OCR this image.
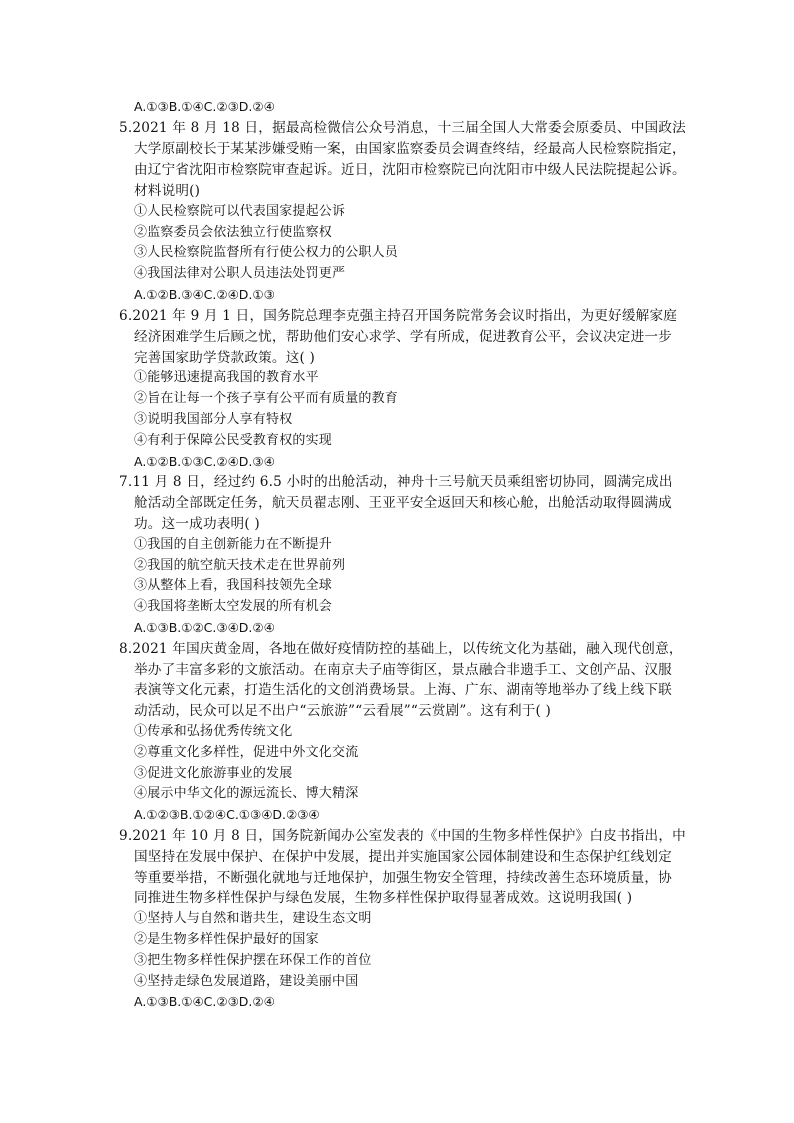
A.①③B.①④C.②③D.②④
5.2021 年 8 月 18 日，据最高检微信公众号消息，十三届全国人大常委会原委员、中国政法
大学原副校长于某某涉嫌受贿一案，由国家监察委员会调查终结，经最高人民检察院指定，
由辽宁省沈阳市检察院审查起诉。近日，沈阳市检察院已向沈阳市中级人民法院提起公诉。
材料说明()
①人民检察院可以代表国家提起公诉
②监察委员会依法独立行使监察权
③人民检察院监督所有行使公权力的公职人员
④我国法律对公职人员违法处罚更严
A.①②B.③④C.②④D.①③
6.2021 年 9 月 1 日，国务院总理李克强主持召开国务院常务会议时指出，为更好缓解家庭
经济困难学生后顾之忧，帮助他们安心求学、学有所成，促进教育公平，会议决定进一步
完善国家助学贷款政策。这( )
①能够迅速提高我国的教育水平
②旨在让每一个孩子享有公平而有质量的教育
③说明我国部分人享有特权
④有利于保障公民受教育权的实现
A.①②B.①③C.②④D.③④
7.11 月 8 日，经过约 6.5 小时的出舱活动，神舟十三号航天员乘组密切协同，圆满完成出
舱活动全部既定任务，航天员翟志刚、王亚平安全返回天和核心舱，出舱活动取得圆满成
功。这一成功表明( )
①我国的自主创新能力在不断提升
②我国的航空航天技术走在世界前列
③从整体上看，我国科技领先全球
④我国将垄断太空发展的所有机会
A.①③B.①②C.③④D.②④
8.2021 年国庆黄金周，各地在做好疫情防控的基础上，以传统文化为基础，融入现代创意，
举办了丰富多彩的文旅活动。在南京夫子庙等街区，景点融合非遗手工、文创产品、汉服
表演等文化元素，打造生活化的文创消费场景。上海、广东、湖南等地举办了线上线下联
动活动，民众可以足不出户“云旅游”“云看展”“云赏剧”。这有利于( )
①传承和弘扬优秀传统文化
②尊重文化多样性，促进中外文化交流
③促进文化旅游事业的发展
④展示中华文化的源远流长、博大精深
A.①②③B.①②④C.①③④D.②③④
9.2021 年 10 月 8 日，国务院新闻办公室发表的《中国的生物多样性保护》白皮书指出，中
国坚持在发展中保护、在保护中发展，提出并实施国家公园体制建设和生态保护红线划定
等重要举措，不断强化就地与迁地保护，加强生物安全管理，持续改善生态环境质量，协
同推进生物多样性保护与绿色发展，生物多样性保护取得显著成效。这说明我国( )
①坚持人与自然和谐共生，建设生态文明
②是生物多样性保护最好的国家
③把生物多样性保护摆在环保工作的首位
④坚持走绿色发展道路，建设美丽中国
A.①③B.①④C.②③D.②④
